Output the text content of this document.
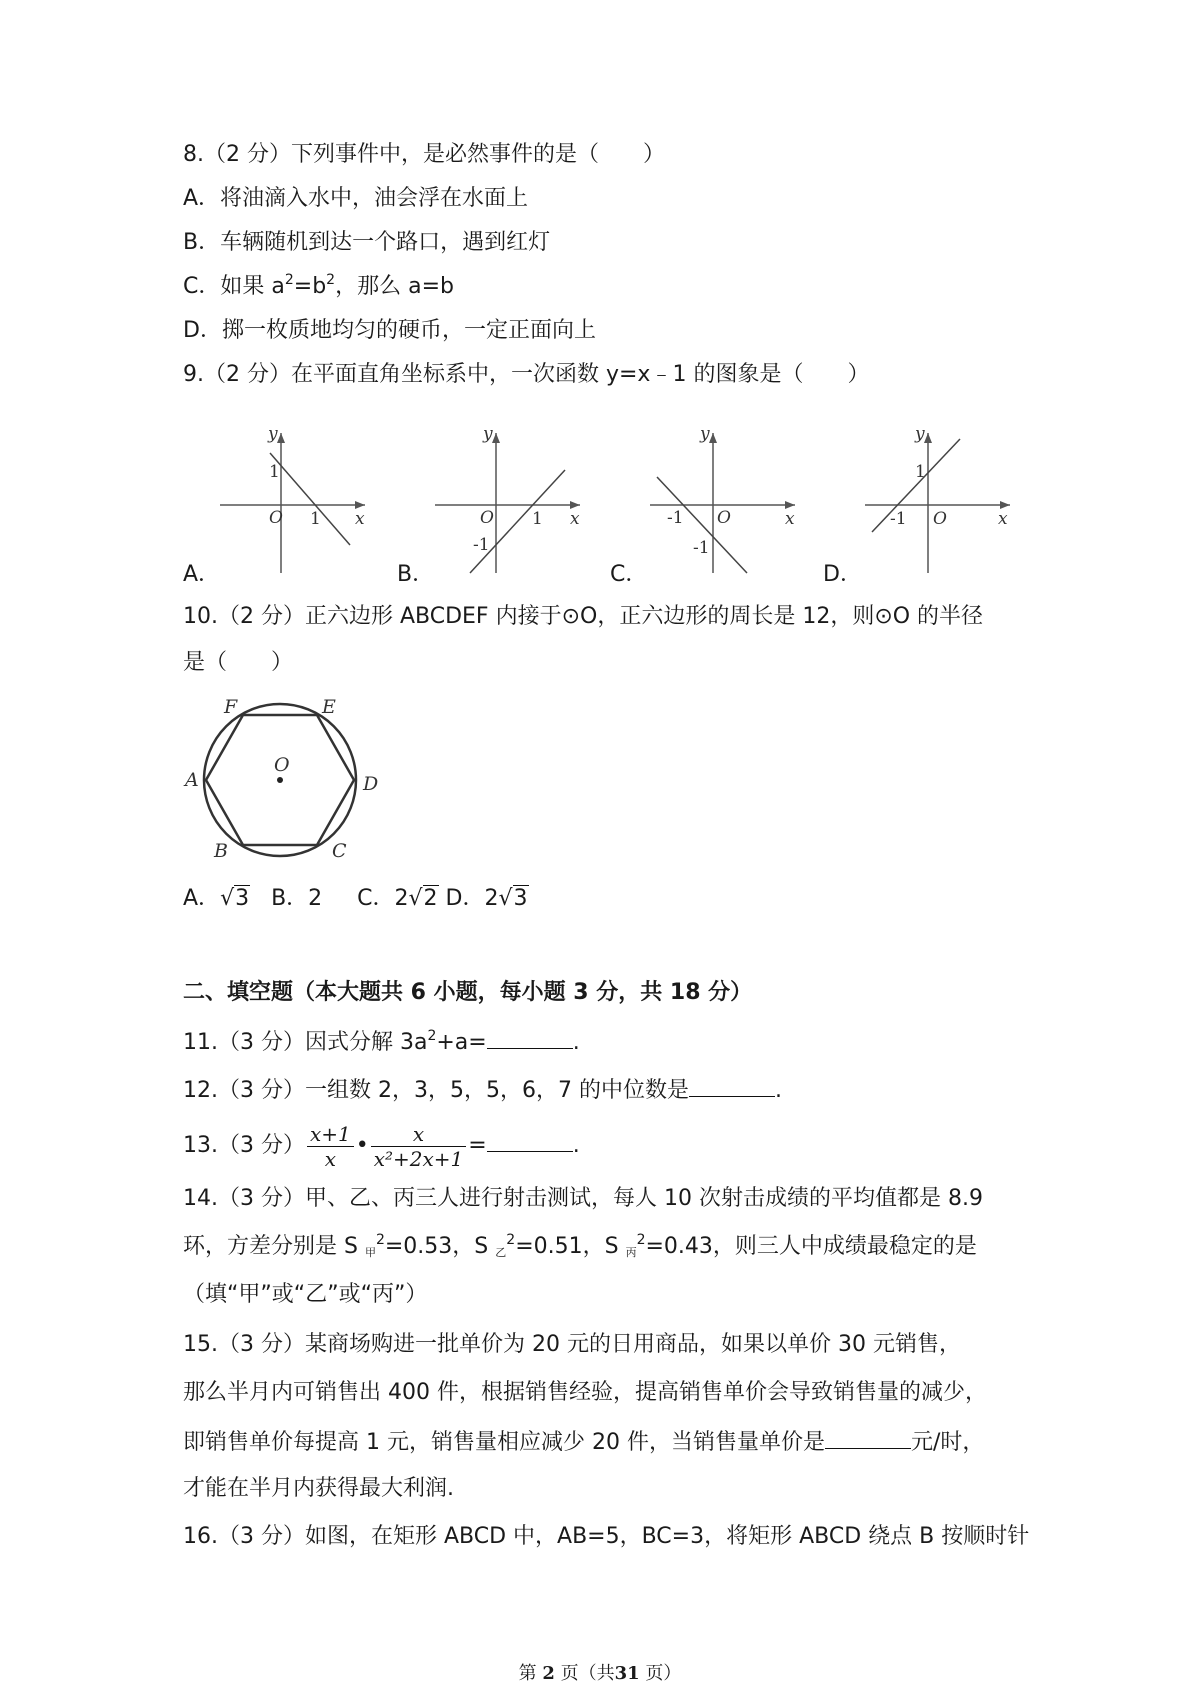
8.（2 分）下列事件中，是必然事件的是（　　）
A．将油滴入水中，油会浮在水面上
B．车辆随机到达一个路口，遇到红灯
C．如果 $a^2=b^2$，那么 a=b
D．掷一枚质地均匀的硬币，一定正面向上
9.（2 分）在平面直角坐标系中，一次函数 y=x﹣1 的图象是（　　）
A．	B．	C．	D．
x
y
O 1
1
x
y
O 1
-1
x
y
O
-1
-1
x
y
O
-1
1
10.（2 分）正六边形 ABCDEF 内接于⊙O，正六边形的周长是 12，则⊙O 的半径
是（　　）
A
B	C
D
E
F
O
A．√3 B．2 C．2√2 D．2√3
二、填空题（本大题共 6 小题，每小题 3 分，共 18 分）
11.（3 分）因式分解 $3a^2+a=$	.
12.（3 分）一组数 2，3，5，5，6，7 的中位数是	.
13.（3 分） $\frac{x+1}{x}$ • $\frac{x}{\text{x²+2x+1}}$ =	.
14.（3 分）甲、乙、丙三人进行射击测试，每人 10 次射击成绩的平均值都是 8.9
环，方差分别是 S $_甲^2$=0.53，S $_乙^2$=0.51，S $_丙^2$=0.43，则三人中成绩最稳定的是
（填“甲”或“乙”或“丙”）
15.（3 分）某商场购进一批单价为 20 元的日用商品，如果以单价 30 元销售，
那么半月内可销售出 400 件，根据销售经验，提高销售单价会导致销售量的减少，
即销售单价每提高 1 元，销售量相应减少 20 件，当销售量单价是	元/时，
才能在半月内获得最大利润.
16.（3 分）如图，在矩形 ABCD 中，AB=5，BC=3，将矩形 ABCD 绕点 B 按顺时针
第 2 页（共31 页）
